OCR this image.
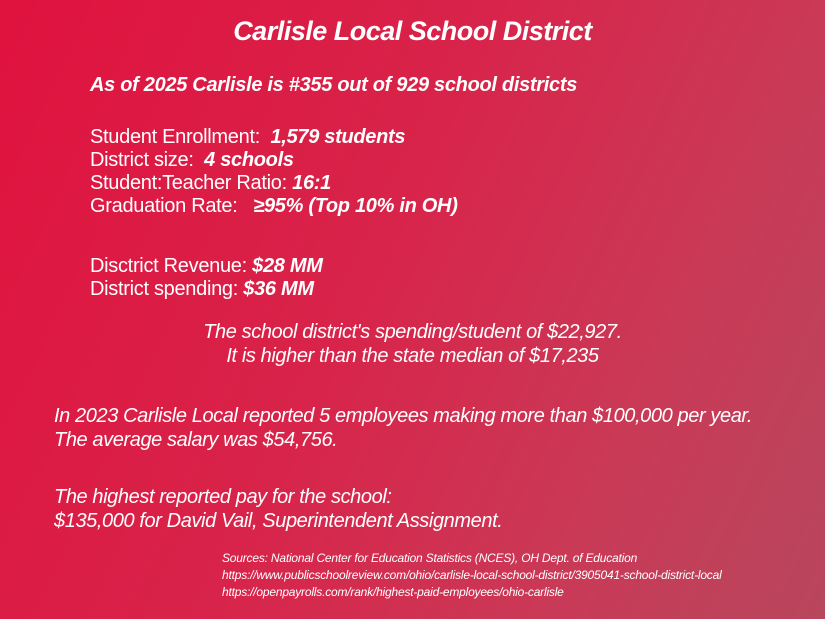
Carlisle Local School District
As of 2025 Carlisle is #355 out of 929 school districts
Student Enrollment: 1,579 students
District size: 4 schools
Student:Teacher Ratio: 16:1
Graduation Rate: ≥95% (Top 10% in OH)
Disctrict Revenue: $28 MM
District spending: $36 MM
The school district's spending/student of $22,927.
It is higher than the state median of $17,235
In 2023 Carlisle Local reported 5 employees making more than $100,000 per year.
The average salary was $54,756.
The highest reported pay for the school:
$135,000 for David Vail, Superintendent Assignment.
Sources: National Center for Education Statistics (NCES), OH Dept. of Education
https://www.publicschoolreview.com/ohio/carlisle-local-school-district/3905041-school-district-local
https://openpayrolls.com/rank/highest-paid-employees/ohio-carlisle
